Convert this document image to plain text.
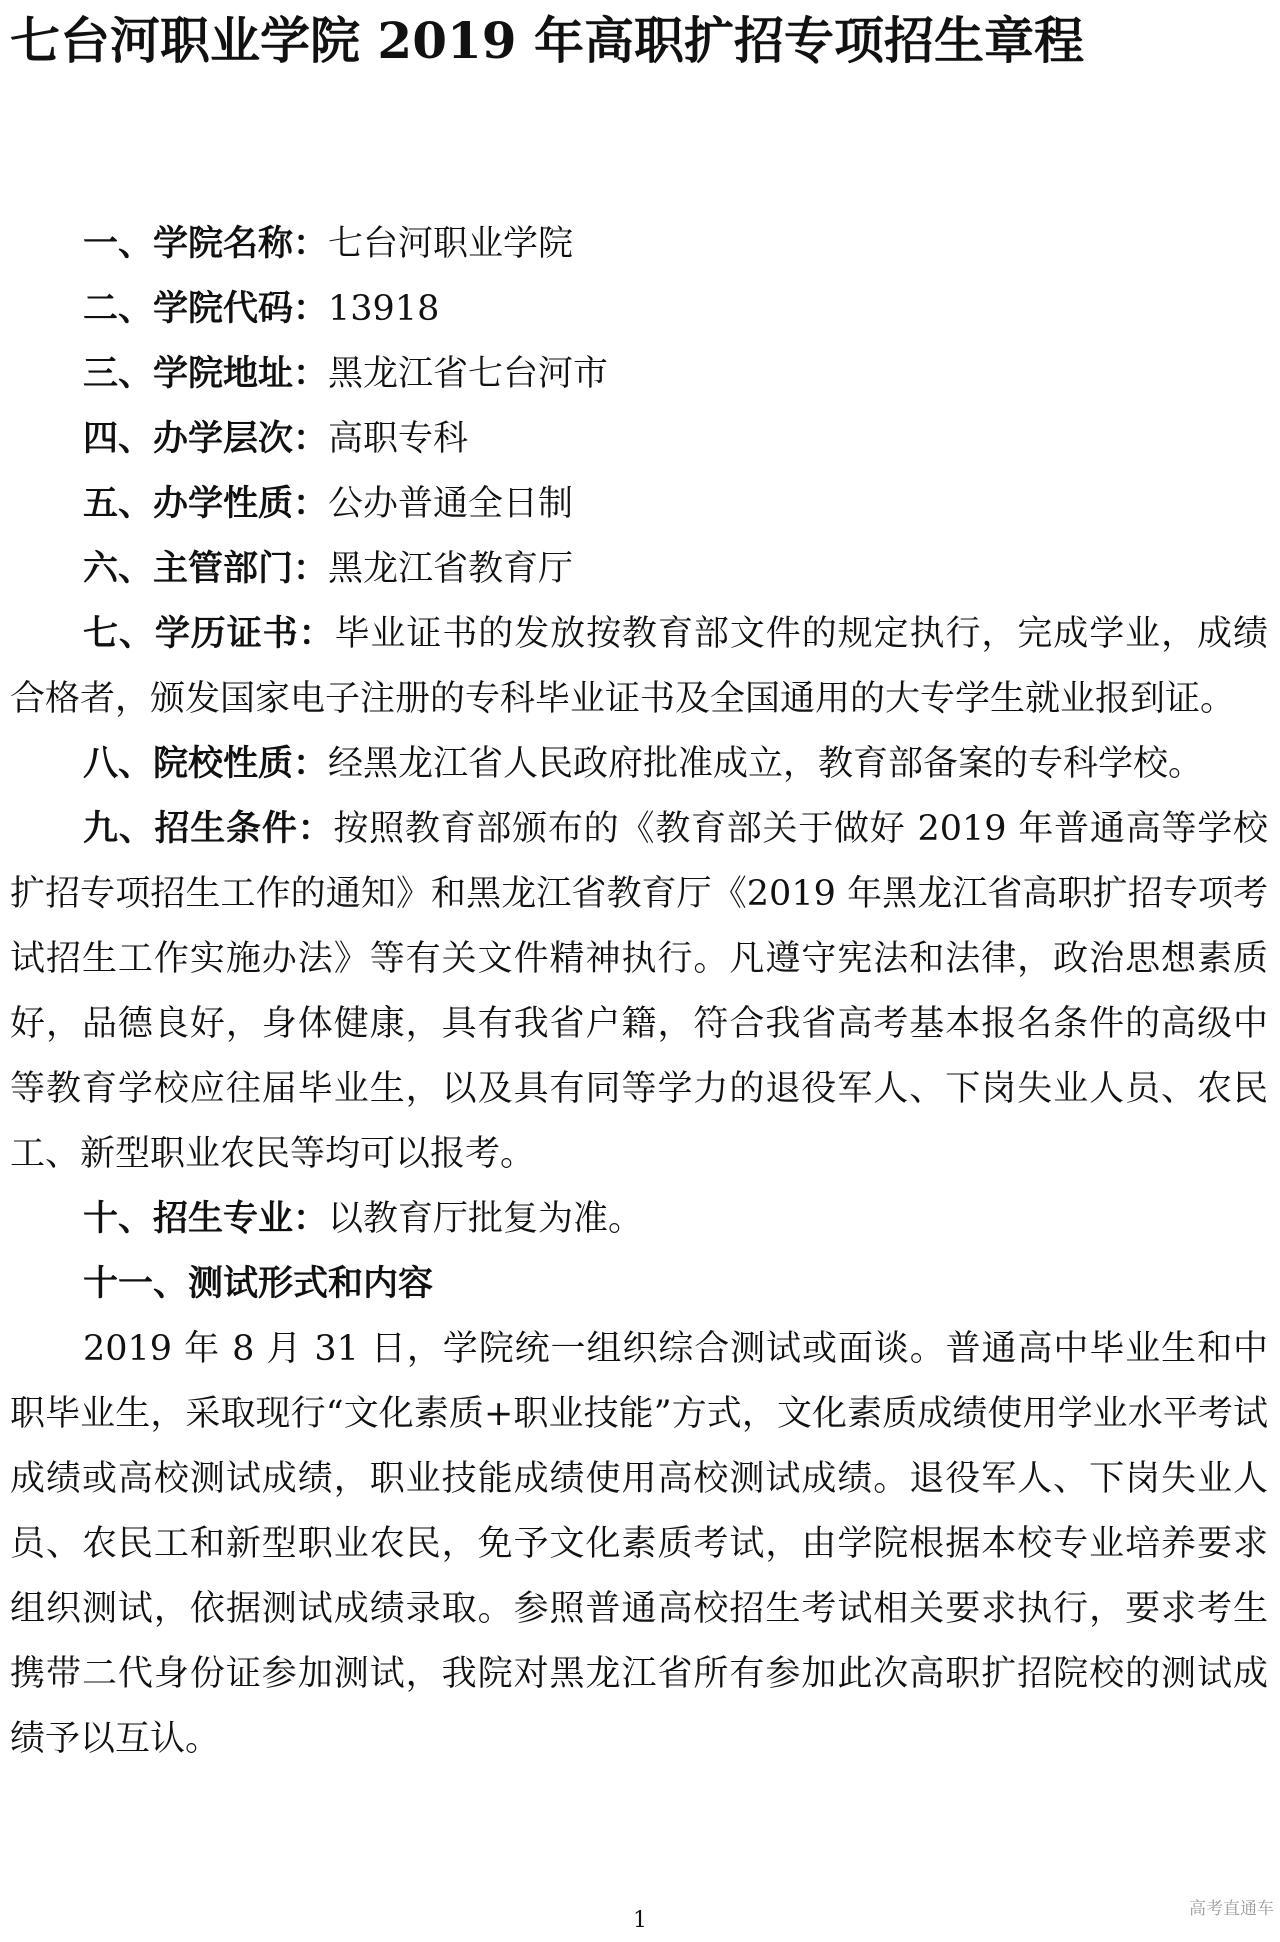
七台河职业学院 2019 年高职扩招专项招生章程

一、学院名称：七台河职业学院

二、学院代码：13918

三、学院地址：黑龙江省七台河市

四、办学层次：高职专科

五、办学性质：公办普通全日制

六、主管部门：黑龙江省教育厅

七、学历证书：毕业证书的发放按教育部文件的规定执行，完成学业，成绩合格者，颁发国家电子注册的专科毕业证书及全国通用的大专学生就业报到证。

八、院校性质：经黑龙江省人民政府批准成立，教育部备案的专科学校。

九、招生条件：按照教育部颁布的《教育部关于做好 2019 年普通高等学校扩招专项招生工作的通知》和黑龙江省教育厅《2019 年黑龙江省高职扩招专项考试招生工作实施办法》等有关文件精神执行。凡遵守宪法和法律，政治思想素质好，品德良好，身体健康，具有我省户籍，符合我省高考基本报名条件的高级中等教育学校应往届毕业生，以及具有同等学力的退役军人、下岗失业人员、农民工、新型职业农民等均可以报考。

十、招生专业：以教育厅批复为准。

十一、测试形式和内容

2019 年 8 月 31 日，学院统一组织综合测试或面谈。普通高中毕业生和中职毕业生，采取现行“文化素质+职业技能”方式，文化素质成绩使用学业水平考试成绩或高校测试成绩，职业技能成绩使用高校测试成绩。退役军人、下岗失业人员、农民工和新型职业农民，免予文化素质考试，由学院根据本校专业培养要求组织测试，依据测试成绩录取。参照普通高校招生考试相关要求执行，要求考生携带二代身份证参加测试，我院对黑龙江省所有参加此次高职扩招院校的测试成绩予以互认。

1	高考直通车
